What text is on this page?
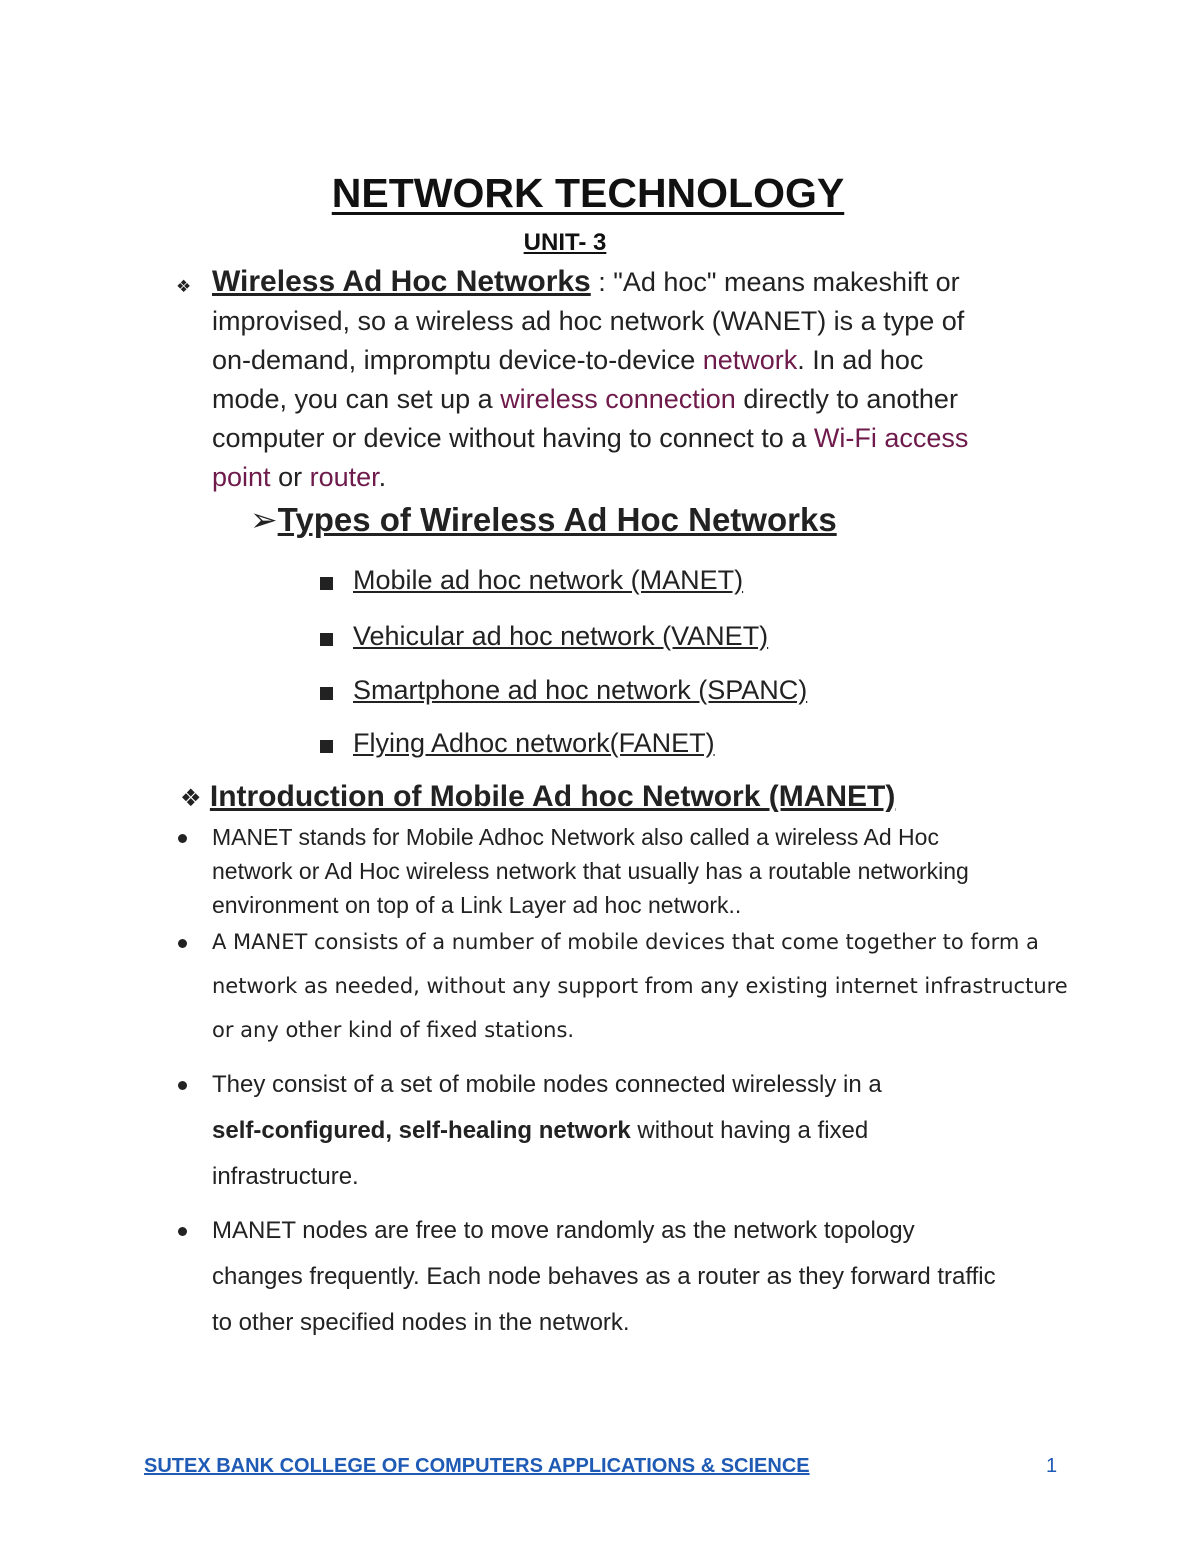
NETWORK TECHNOLOGY
UNIT- 3
❖ Wireless Ad Hoc Networks : "Ad hoc" means makeshift or
improvised, so a wireless ad hoc network (WANET) is a type of
on-demand, impromptu device-to-device network. In ad hoc
mode, you can set up a wireless connection directly to another
computer or device without having to connect to a Wi-Fi access
point or router.
➢Types of Wireless Ad Hoc Networks
Mobile ad hoc network (MANET)
Vehicular ad hoc network (VANET)
Smartphone ad hoc network (SPANC)
Flying Adhoc network(FANET)
❖ Introduction of Mobile Ad hoc Network (MANET)
MANET stands for Mobile Adhoc Network also called a wireless Ad Hoc
network or Ad Hoc wireless network that usually has a routable networking
environment on top of a Link Layer ad hoc network..
A MANET consists of a number of mobile devices that come together to form a
network as needed, without any support from any existing internet infrastructure
or any other kind of fixed stations.
They consist of a set of mobile nodes connected wirelessly in a
self-configured, self-healing network without having a fixed
infrastructure.
MANET nodes are free to move randomly as the network topology
changes frequently. Each node behaves as a router as they forward traffic
to other specified nodes in the network.
SUTEX BANK COLLEGE OF COMPUTERS APPLICATIONS & SCIENCE	1
